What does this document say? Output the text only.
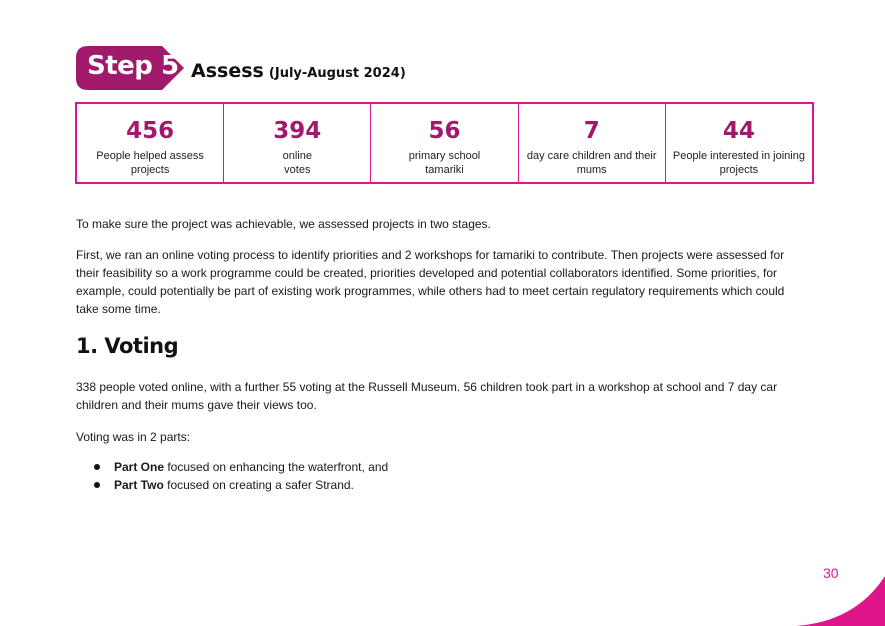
Step 5 Assess (July-August 2024)
456
People helped assess
projects
394
online
votes
56
primary school
tamariki
7
day care children and their
mums
44
People interested in joining
projects

To make sure the project was achievable, we assessed projects in two stages.

First, we ran an online voting process to identify priorities and 2 workshops for tamariki to contribute. Then projects were assessed for their feasibility so a work programme could be created, priorities developed and potential collaborators identified. Some priorities, for example, could potentially be part of existing work programmes, while others had to meet certain regulatory requirements which could take some time.

1. Voting

338 people voted online, with a further 55 voting at the Russell Museum. 56 children took part in a workshop at school and 7 day car children and their mums gave their views too.

Voting was in 2 parts:

Part One focused on enhancing the waterfront, and
Part Two focused on creating a safer Strand.
30
